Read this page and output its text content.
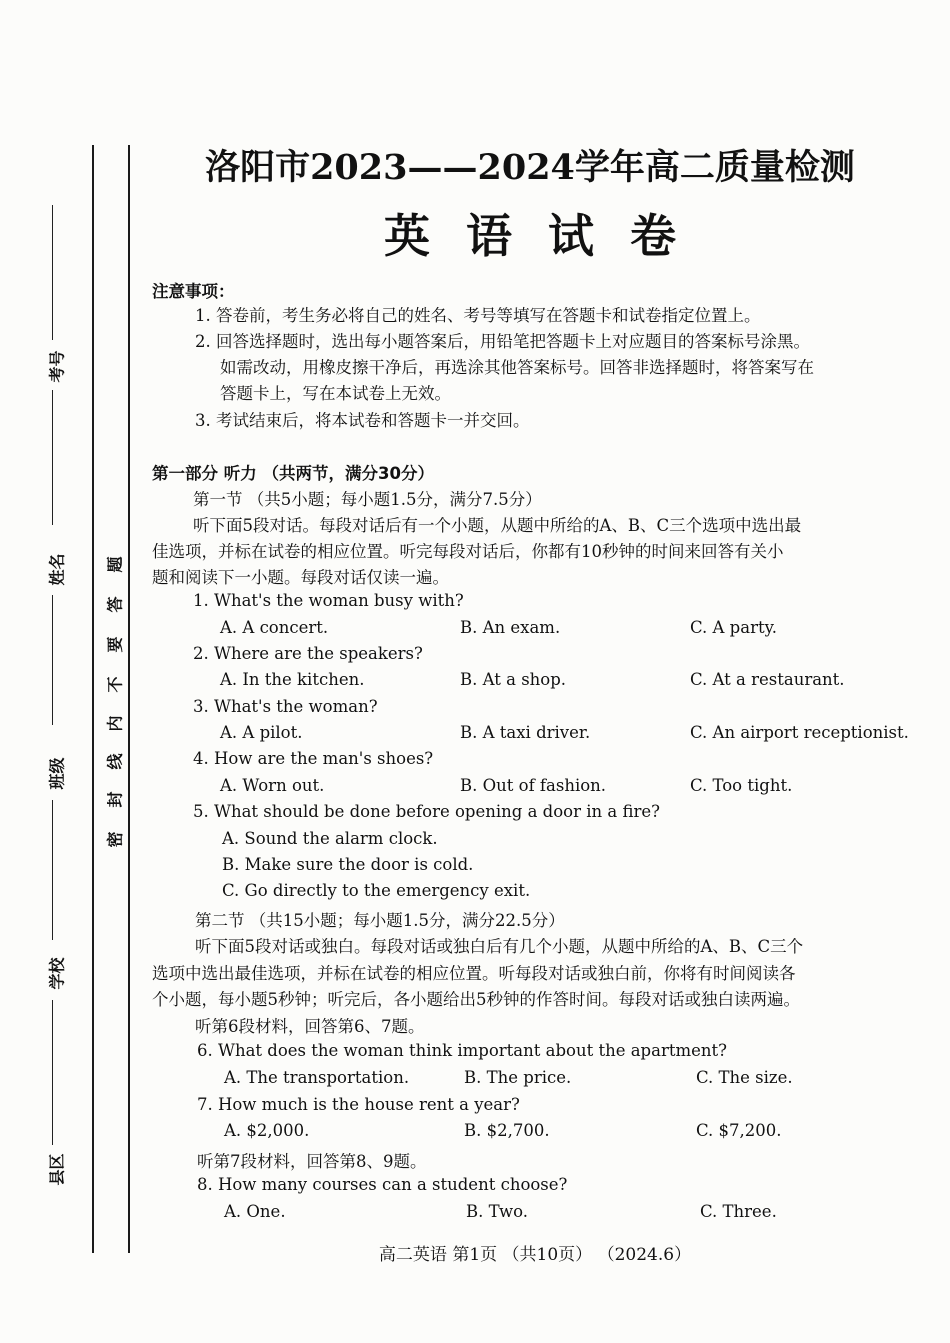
考号
姓名
班级
学校
县区
密
封
线
内
不
要
答
题
洛阳市2023——2024学年高二质量检测
英 语 试 卷
注意事项：
1. 答卷前，考生务必将自己的姓名、考号等填写在答题卡和试卷指定位置上。
2. 回答选择题时，选出每小题答案后，用铅笔把答题卡上对应题目的答案标号涂黑。
如需改动，用橡皮擦干净后，再选涂其他答案标号。回答非选择题时，将答案写在
答题卡上，写在本试卷上无效。
3. 考试结束后，将本试卷和答题卡一并交回。
第一部分 听力 （共两节，满分30分）
第一节 （共5小题；每小题1.5分，满分7.5分）
听下面5段对话。每段对话后有一个小题，从题中所给的A、B、C三个选项中选出最
佳选项，并标在试卷的相应位置。听完每段对话后，你都有10秒钟的时间来回答有关小
题和阅读下一小题。每段对话仅读一遍。
1. What's the woman busy with?
A. A concert.	B. An exam.	C. A party.
2. Where are the speakers?
A. In the kitchen.	B. At a shop.	C. At a restaurant.
3. What's the woman?
A. A pilot.	B. A taxi driver.	C. An airport receptionist.
4. How are the man's shoes?
A. Worn out.	B. Out of fashion.	C. Too tight.
5. What should be done before opening a door in a fire?
A. Sound the alarm clock.
B. Make sure the door is cold.
C. Go directly to the emergency exit.
第二节 （共15小题；每小题1.5分，满分22.5分）
听下面5段对话或独白。每段对话或独白后有几个小题，从题中所给的A、B、C三个
选项中选出最佳选项，并标在试卷的相应位置。听每段对话或独白前，你将有时间阅读各
个小题，每小题5秒钟；听完后，各小题给出5秒钟的作答时间。每段对话或独白读两遍。
听第6段材料，回答第6、7题。
6. What does the woman think important about the apartment?
A. The transportation.	B. The price.	C. The size.
7. How much is the house rent a year?
A. $2,000.	B. $2,700.	C. $7,200.
听第7段材料，回答第8、9题。
8. How many courses can a student choose?
A. One.	B. Two.	C. Three.
高二英语 第1页 （共10页） （2024.6）
